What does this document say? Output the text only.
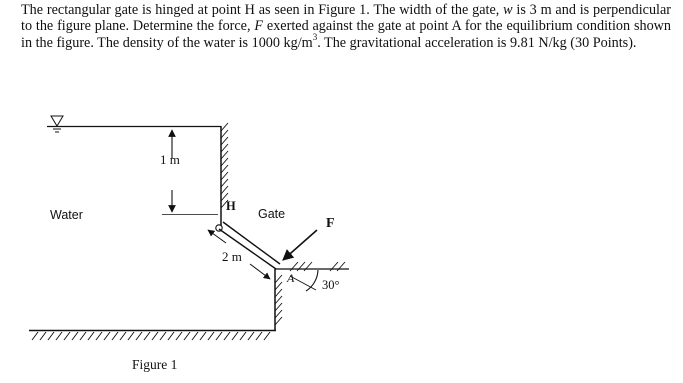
The rectangular gate is hinged at point H as seen in Figure 1. The width of the gate, w is 3 m and is perpendicular to the figure plane. Determine the force, F exerted against the gate at point A for the equilibrium condition shown in the figure. The density of the water is 1000 $kg/m^3$. The gravitational acceleration is 9.81 N/kg (30 Points).

1 m
Water
H
Gate
2 m
F
A 30°
Figure 1
